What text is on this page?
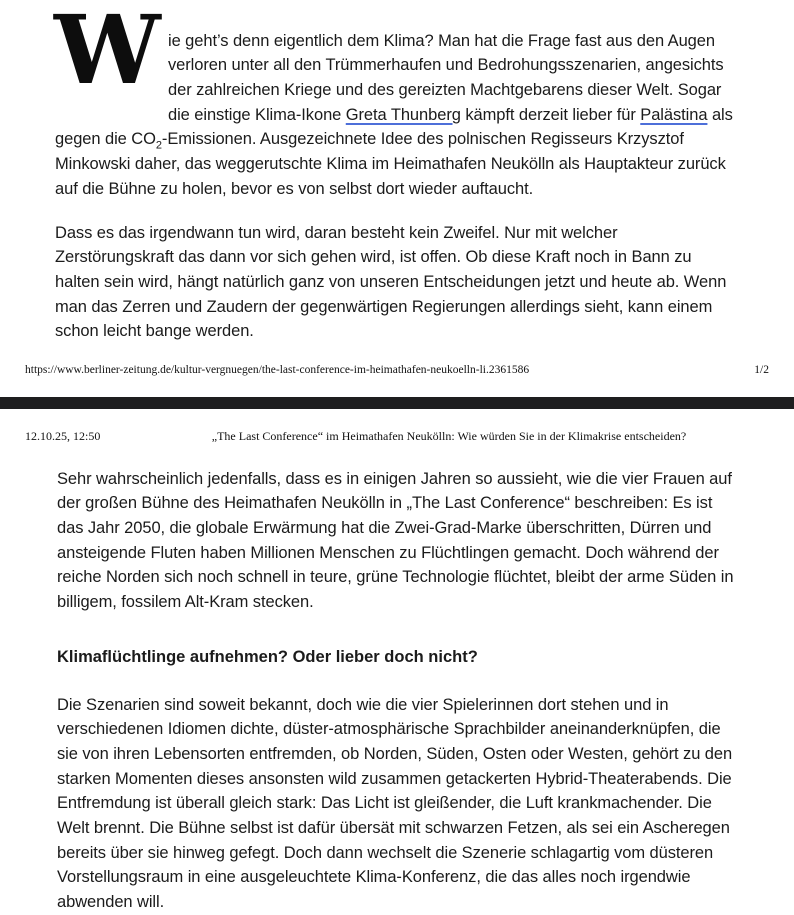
W ie geht’s denn eigentlich dem Klima? Man hat die Frage fast aus den Augen verloren unter all den Trümmerhaufen und Bedrohungsszenarien, angesichts der zahlreichen Kriege und des gereizten Machtgebarens dieser Welt. Sogar die einstige Klima-Ikone Greta Thunberg kämpft derzeit lieber für Palästina als gegen die $CO_2$-Emissionen. Ausgezeichnete Idee des polnischen Regisseurs Krzysztof Minkowski daher, das weggerutschte Klima im Heimathafen Neukölln als Hauptakteur zurück auf die Bühne zu holen, bevor es von selbst dort wieder auftaucht.

Dass es das irgendwann tun wird, daran besteht kein Zweifel. Nur mit welcher Zerstörungskraft das dann vor sich gehen wird, ist offen. Ob diese Kraft noch in Bann zu halten sein wird, hängt natürlich ganz von unseren Entscheidungen jetzt und heute ab. Wenn man das Zerren und Zaudern der gegenwärtigen Regierungen allerdings sieht, kann einem schon leicht bange werden.

https://www.berliner-zeitung.de/kultur-vergnuegen/the-last-conference-im-heimathafen-neukoelln-li.2361586	1/2
12.10.25, 12:50	„The Last Conference“ im Heimathafen Neukölln: Wie würden Sie in der Klimakrise entscheiden?

Sehr wahrscheinlich jedenfalls, dass es in einigen Jahren so aussieht, wie die vier Frauen auf der großen Bühne des Heimathafen Neukölln in „The Last Conference“ beschreiben: Es ist das Jahr 2050, die globale Erwärmung hat die Zwei-Grad-Marke überschritten, Dürren und ansteigende Fluten haben Millionen Menschen zu Flüchtlingen gemacht. Doch während der reiche Norden sich noch schnell in teure, grüne Technologie flüchtet, bleibt der arme Süden in billigem, fossilem Alt-Kram stecken.

Klimaflüchtlinge aufnehmen? Oder lieber doch nicht?

Die Szenarien sind soweit bekannt, doch wie die vier Spielerinnen dort stehen und in verschiedenen Idiomen dichte, düster-atmosphärische Sprachbilder aneinanderknüpfen, die sie von ihren Lebensorten entfremden, ob Norden, Süden, Osten oder Westen, gehört zu den starken Momenten dieses ansonsten wild zusammen getackerten Hybrid-Theaterabends. Die Entfremdung ist überall gleich stark: Das Licht ist gleißender, die Luft krankmachender. Die Welt brennt. Die Bühne selbst ist dafür übersät mit schwarzen Fetzen, als sei ein Ascheregen bereits über sie hinweg gefegt. Doch dann wechselt die Szenerie schlagartig vom düsteren Vorstellungsraum in eine ausgeleuchtete Klima-Konferenz, die das alles noch irgendwie abwenden will.
